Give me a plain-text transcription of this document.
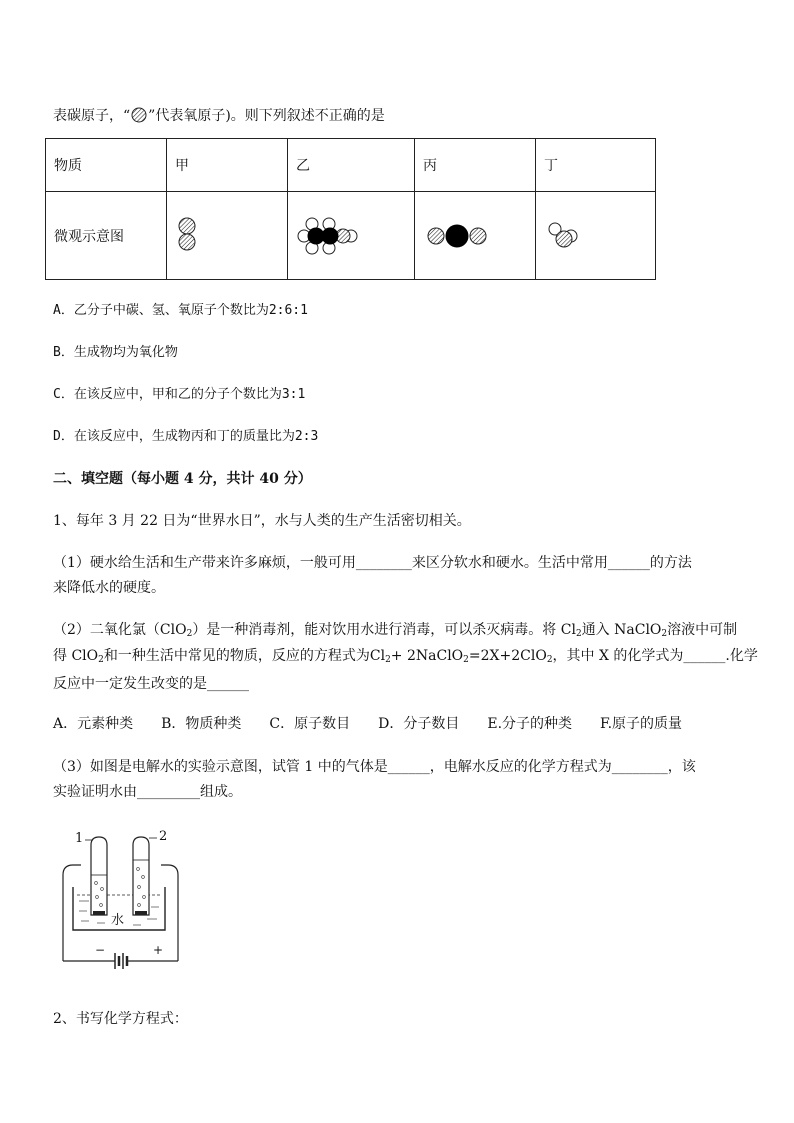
表碳原子，“ ”代表氧原子)。则下列叙述不正确的是
物质	甲	乙	丙	丁
微观示意图	

A．乙分子中碳、氢、氧原子个数比为2:6:1
B．生成物均为氧化物
C．在该反应中，甲和乙的分子个数比为3:1
D．在该反应中，生成物丙和丁的质量比为2:3
二、填空题（每小题 4 分，共计 40 分）
1、每年 3 月 22 日为“世界水日”，水与人类的生产生活密切相关。
（1）硬水给生活和生产带来许多麻烦，一般可用________来区分软水和硬水。生活中常用______的方法
来降低水的硬度。
（2）二氧化氯（ClO$_2$）是一种消毒剂，能对饮用水进行消毒，可以杀灭病毒。将 $Cl_2$通入 NaClO$_2$溶液中可制
得 ClO$_2$和一种生活中常见的物质，反应的方程式为$Cl_2+$ 2NaClO$_2$=2X+2ClO$_2$，其中 X 的化学式为______.化学
反应中一定发生改变的是______
A．元素种类 B．物质种类 C．原子数目 D．分子数目 E.分子的种类 F.原子的质量
（3）如图是电解水的实验示意图，试管 1 中的气体是______，电解水反应的化学方程式为________，该
实验证明水由_________组成。
1	2
水
−	+
2、书写化学方程式：
